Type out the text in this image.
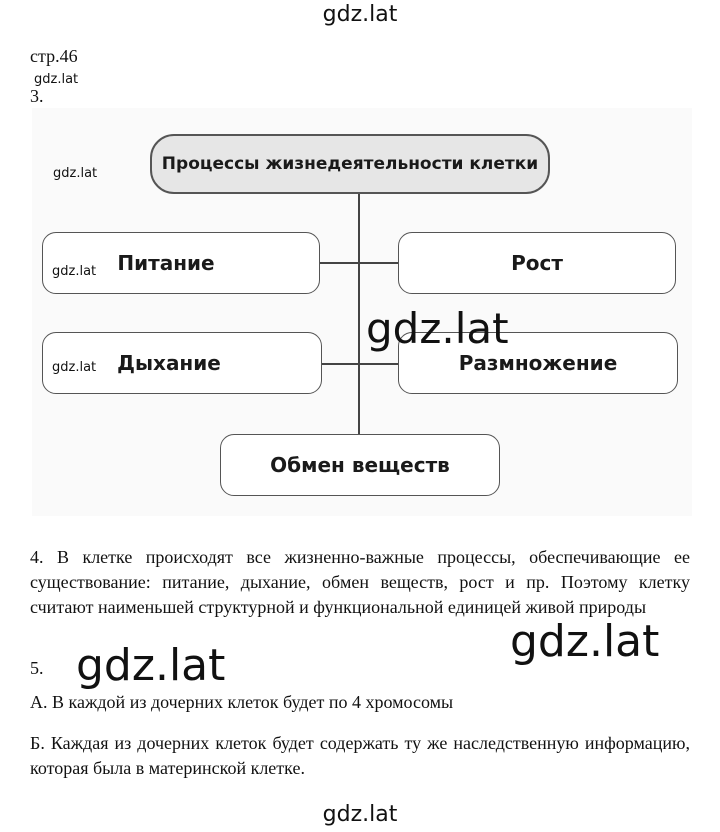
gdz.lat
стр.46
gdz.lat
3.
Процессы жизнедеятельности клетки
Питание	Рост
Дыхание	Размножение
Обмен веществ
gdz.lat
gdz.lat
gdz.lat
gdz.lat
4. В клетке происходят все жизненно-важные процессы, обеспечивающие ее существование: питание, дыхание, обмен веществ, рост и пр. Поэтому клетку считают наименьшей структурной и функциональной единицей живой природы
5. gdz.lat	gdz.lat
А. В каждой из дочерних клеток будет по 4 хромосомы
Б. Каждая из дочерних клеток будет содержать ту же наследственную информацию, которая была в материнской клетке.
gdz.lat
